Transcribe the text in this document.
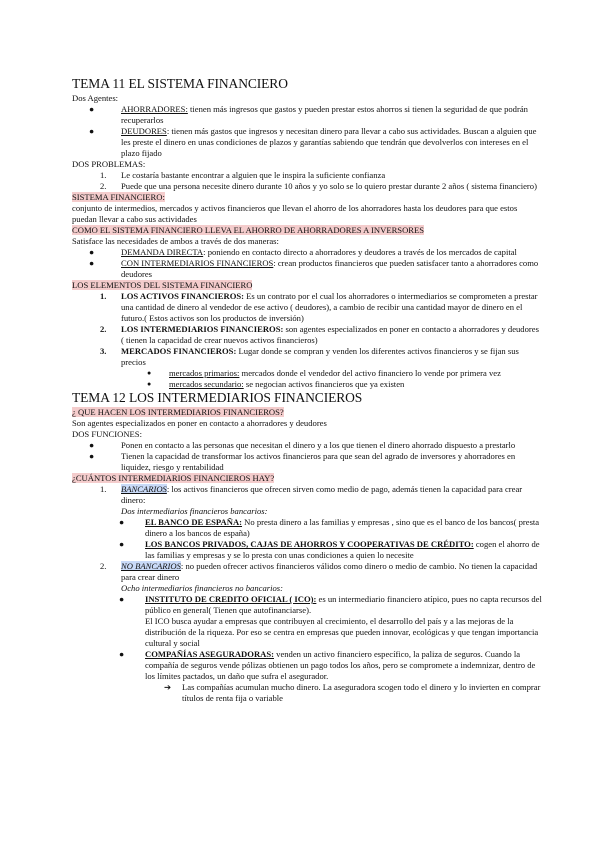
TEMA 11 EL SISTEMA FINANCIERO

Dos Agentes:

●	AHORRADORES: tienen más ingresos que gastos y pueden prestar estos ahorros si tienen la seguridad de que podrán recuperarlos
●	DEUDORES: tienen más gastos que ingresos y necesitan dinero para llevar a cabo sus actividades. Buscan a alguien que les preste el dinero en unas condiciones de plazos y garantías sabiendo que tendrán que devolverlos con intereses en el plazo fijado

DOS PROBLEMAS:

1. Le costaría bastante encontrar a alguien que le inspira la suficiente confianza
2. Puede que una persona necesite dinero durante 10 años y yo solo se lo quiero prestar durante 2 años ( sistema financiero)

SISTEMA FINANCIERO:

conjunto de intermedios, mercados y activos financieros que llevan el ahorro de los ahorradores hasta los deudores para que estos puedan llevar a cabo sus actividades

COMO EL SISTEMA FINANCIERO LLEVA EL AHORRO DE AHORRADORES A INVERSORES

Satisface las necesidades de ambos a través de dos maneras:

●	DEMANDA DIRECTA: poniendo en contacto directo a ahorradores y deudores a través de los mercados de capital
●	CON INTERMEDIARIOS FINANCIEROS: crean productos financieros que pueden satisfacer tanto a ahorradores como deudores

LOS ELEMENTOS DEL SISTEMA FINANCIERO

1. LOS ACTIVOS FINANCIEROS: Es un contrato por el cual los ahorradores o intermediarios se comprometen a prestar una cantidad de dinero al vendedor de ese activo ( deudores), a cambio de recibir una cantidad mayor de dinero en el futuro.( Estos activos son los productos de inversión)
2. LOS INTERMEDIARIOS FINANCIEROS: son agentes especializados en poner en contacto a ahorradores y deudores ( tienen la capacidad de crear nuevos activos financieros)
3. MERCADOS FINANCIEROS: Lugar donde se compran y venden los diferentes activos financieros y se fijan sus precios
● mercados primarios: mercados donde el vendedor del activo financiero lo vende por primera vez
● mercados secundario: se negocian activos financieros que ya existen
TEMA 12 LOS INTERMEDIARIOS FINANCIEROS

¿ QUE HACEN LOS INTERMEDIARIOS FINANCIEROS?

Son agentes especializados en poner en contacto a ahorradores y deudores

DOS FUNCIONES:

●	Ponen en contacto a las personas que necesitan el dinero y a los que tienen el dinero ahorrado dispuesto a prestarlo
●	Tienen la capacidad de transformar los activos financieros para que sean del agrado de inversores y ahorradores en liquidez, riesgo y rentabilidad

¿CUÁNTOS INTERMEDIARIOS FINANCIEROS HAY?

1. BANCARIOS: los activos financieros que ofrecen sirven como medio de pago, además tienen la capacidad para crear dinero:

Dos intermediarios financieros bancarios:

● EL BANCO DE ESPAÑA: No presta dinero a las familias y empresas , sino que es el banco de los bancos( presta dinero a los bancos de españa)
● LOS BANCOS PRIVADOS, CAJAS DE AHORROS Y COOPERATIVAS DE CRÉDITO: cogen el ahorro de las familias y empresas y se lo presta con unas condiciones a quien lo necesite
2. NO BANCARIOS: no pueden ofrecer activos financieros válidos como dinero o medio de cambio. No tienen la capacidad para crear dinero

Ocho intermediarios financieros no bancarios:

● INSTITUTO DE CREDITO OFICIAL ( ICO): es un intermediario financiero atípico, pues no capta recursos del público en general( Tienen que autofinanciarse).

El ICO busca ayudar a empresas que contribuyen al crecimiento, el desarrollo del país y a las mejoras de la distribución de la riqueza. Por eso se centra en empresas que pueden innovar, ecológicas y que tengan importancia cultural y social

● COMPAÑÍAS ASEGURADORAS: venden un activo financiero específico, la paliza de seguros. Cuando la compañía de seguros vende pólizas obtienen un pago todos los años, pero se compromete a indemnizar, dentro de los límites pactados, un daño que sufra el asegurador.
➔ Las compañías acumulan mucho dinero. La aseguradora scogen todo el dinero y lo invierten en comprar títulos de renta fija o variable
